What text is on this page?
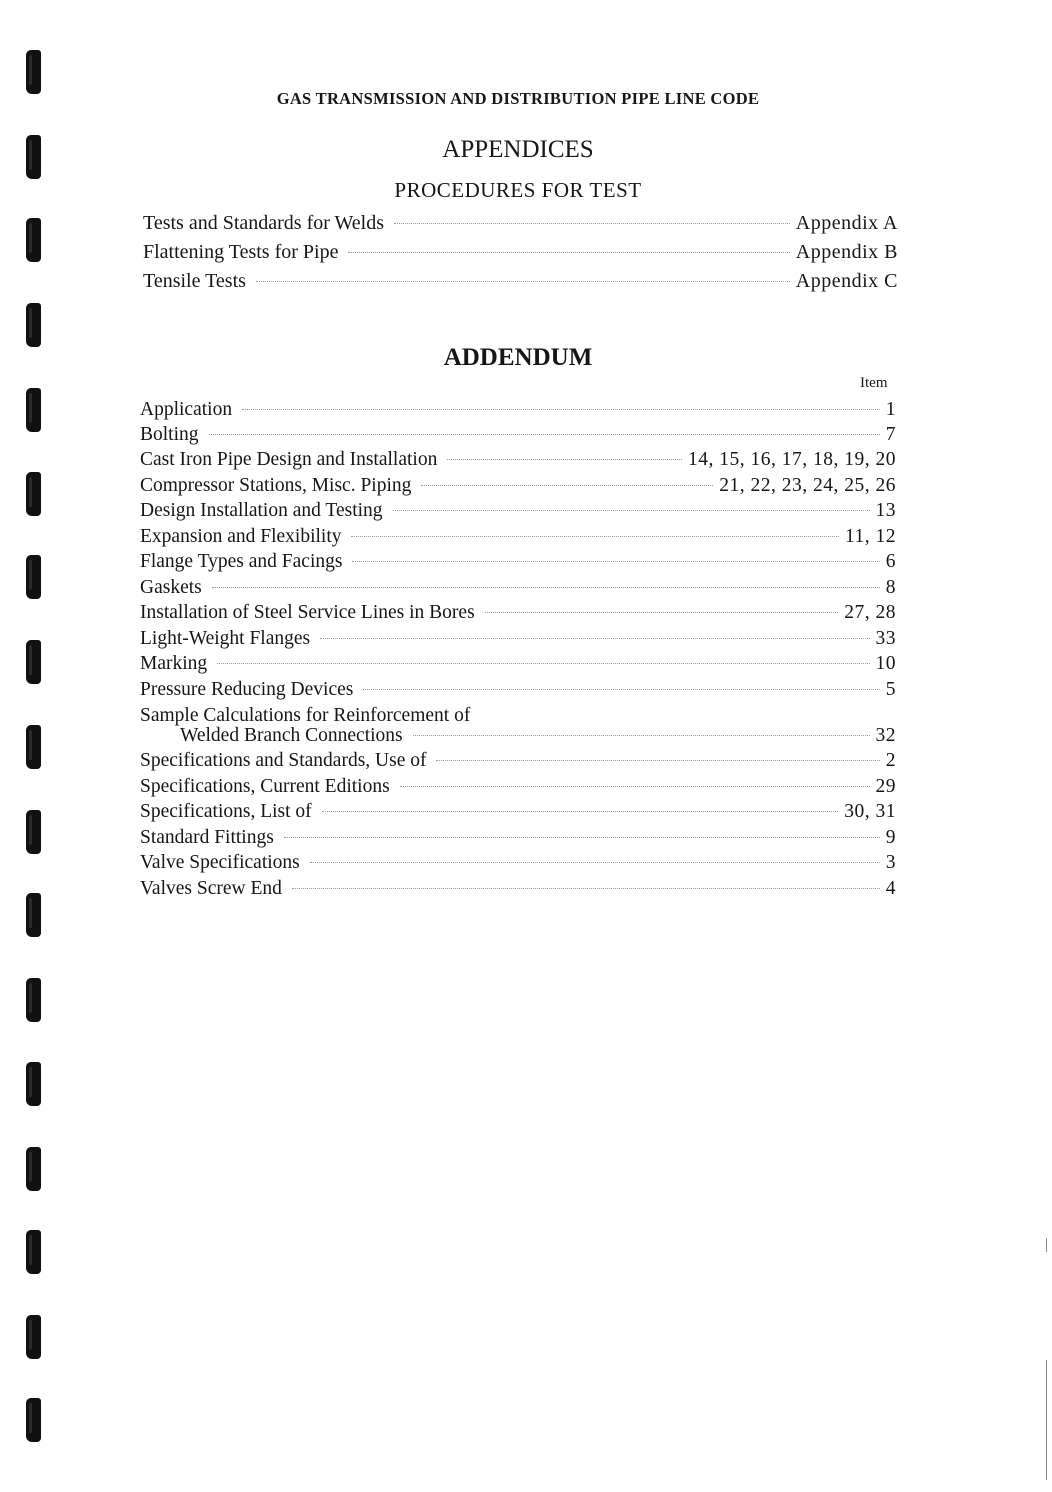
GAS TRANSMISSION AND DISTRIBUTION PIPE LINE CODE
APPENDICES
PROCEDURES FOR TEST
Tests and Standards for Welds	Appendix A
Flattening Tests for Pipe	Appendix B
Tensile Tests	Appendix C
ADDENDUM
Item
Application	1
Bolting	7
Cast Iron Pipe Design and Installation	14, 15, 16, 17, 18, 19, 20
Compressor Stations, Misc. Piping	21, 22, 23, 24, 25, 26
Design Installation and Testing	13
Expansion and Flexibility	11, 12
Flange Types and Facings	6
Gaskets	8
Installation of Steel Service Lines in Bores	27, 28
Light-Weight Flanges	33
Marking	10
Pressure Reducing Devices	5
Sample Calculations for Reinforcement of
Welded Branch Connections	32
Specifications and Standards, Use of	2
Specifications, Current Editions	29
Specifications, List of	30, 31
Standard Fittings	9
Valve Specifications	3
Valves Screw End	4
